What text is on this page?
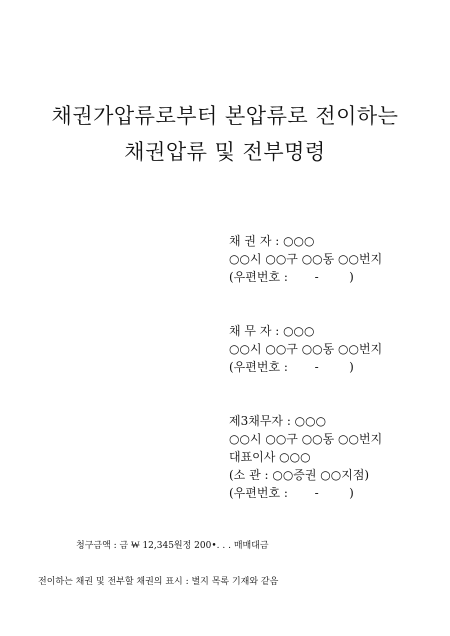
채권가압류로부터 본압류로 전이하는
채권압류 및 전부명령
채 권 자 : ○○○
○○시 ○○구 ○○동 ○○번지
(우편번호 :       -        )
채 무 자 : ○○○
○○시 ○○구 ○○동 ○○번지
(우편번호 :       -        )
제3채무자 : ○○○
○○시 ○○구 ○○동 ○○번지
대표이사 ○○○
(소 관 : ○○증권 ○○지점)
(우편번호 :       -        )
청구금액 : 금 ₩ 12,345원정 200•. . . 매매대금
전이하는 채권 및 전부할 채권의 표시 : 별지 목록 기재와 같음
